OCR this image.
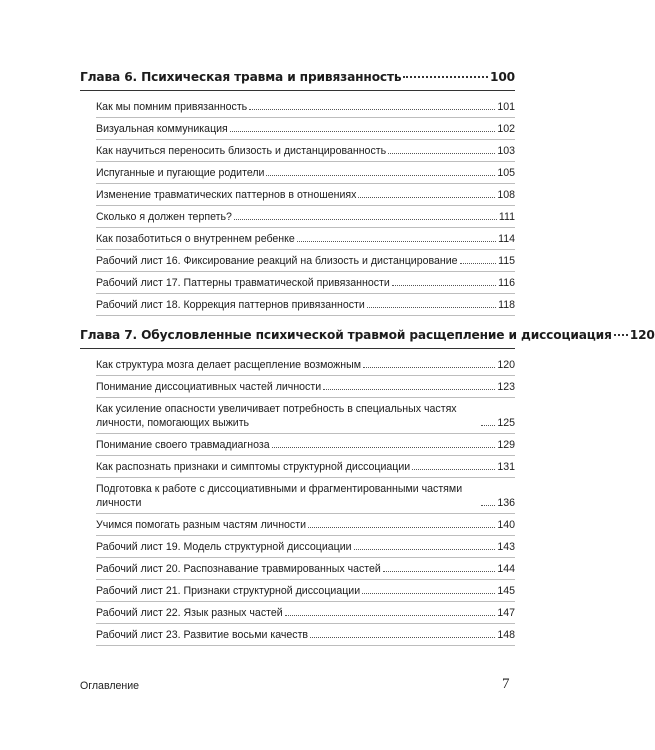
Глава 6. Психическая травма и привязанность	100
Как мы помним привязанность	101
Визуальная коммуникация	102
Как научиться переносить близость и дистанцированность	103
Испуганные и пугающие родители	105
Изменение травматических паттернов в отношениях	108
Сколько я должен терпеть?	111
Как позаботиться о внутреннем ребенке	114
Рабочий лист 16. Фиксирование реакций на близость и дистанцирование	115
Рабочий лист 17. Паттерны травматической привязанности	116
Рабочий лист 18. Коррекция паттернов привязанности	118
Глава 7. Обусловленные психической травмой расщепление и диссоциация 120
Как структура мозга делает расщепление возможным	120
Понимание диссоциативных частей личности	123
Как усиление опасности увеличивает потребность в специальных частях личности, помогающих выжить	125
Понимание своего травмадиагноза	129
Как распознать признаки и симптомы структурной диссоциации	131
Подготовка к работе с диссоциативными и фрагментированными частями личности	136
Учимся помогать разным частям личности	140
Рабочий лист 19. Модель структурной диссоциации	143
Рабочий лист 20. Распознавание травмированных частей	144
Рабочий лист 21. Признаки структурной диссоциации	145
Рабочий лист 22. Язык разных частей	147
Рабочий лист 23. Развитие восьми качеств	148
Оглавление	7
